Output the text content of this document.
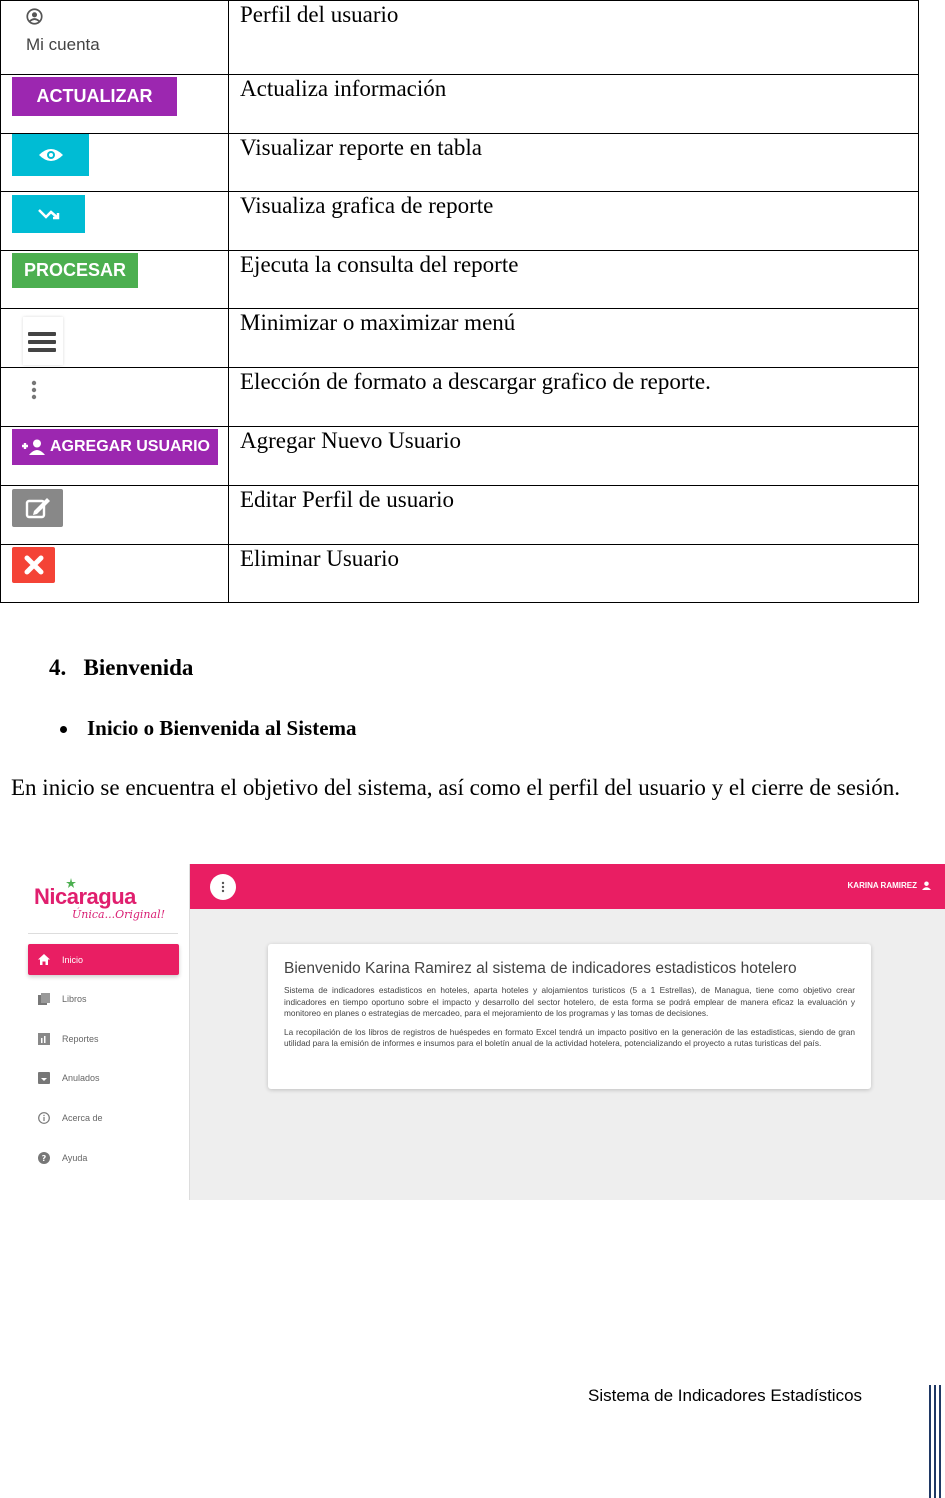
Mi cuenta	Perfil del usuario

ACTUALIZAR	Actualiza información

	Visualizar reporte en tabla

	Visualiza grafica de reporte

PROCESAR	Ejecuta la consulta del reporte

	Minimizar o maximizar menú

	Elección de formato a descargar grafico de reporte.

AGREGAR USUARIO	Agregar Nuevo Usuario

	Editar Perfil de usuario

	Eliminar Usuario
4. Bienvenida
Inicio o Bienvenida al Sistema

En inicio se encuentra el objetivo del sistema, así como el perfil del usuario y el cierre de sesión.

Nicaragua
Única...Original!
Inicio
Libros
Reportes
Anulados
Acerca de
? Ayuda
KARINA RAMIREZ
Bienvenido Karina Ramirez al sistema de indicadores estadisticos hotelero

Sistema de indicadores estadisticos en hoteles, aparta hoteles y alojamientos turisticos (5 a 1 Estrellas), de Managua, tiene como objetivo crear indicadores en tiempo oportuno sobre el impacto y desarrollo del sector hotelero, de esta forma se podrá emplear de manera eficaz la evaluación y monitoreo en planes o estrategias de mercadeo, para el mejoramiento de los programas y las tomas de decisiones.

La recopilación de los libros de registros de huéspedes en formato Excel tendrá un impacto positivo en la generación de las estadisticas, siendo de gran utilidad para la emisión de informes e insumos para el boletín anual de la actividad hotelera, potencializando el proyecto a rutas turisticas del país.

Sistema de Indicadores Estadísticos
